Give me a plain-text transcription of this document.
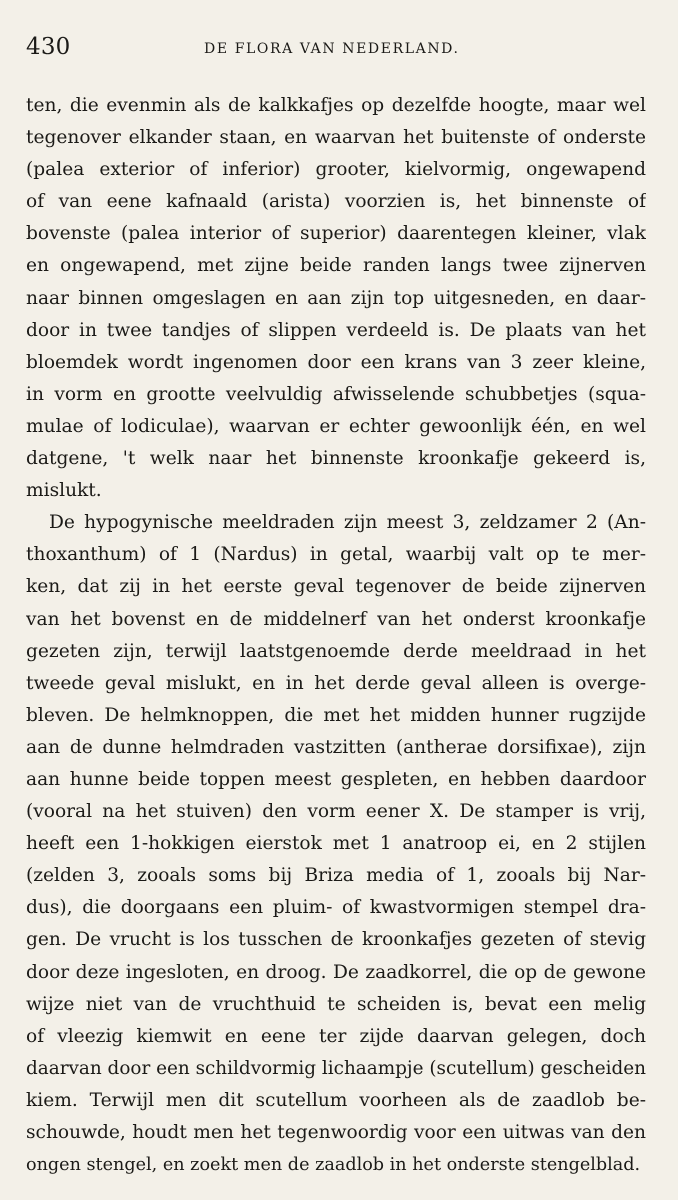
430	DE FLORA VAN NEDERLAND.
ten, die evenmin als de kalkkafjes op dezelfde hoogte, maar wel
tegenover elkander staan, en waarvan het buitenste of onderste
(palea exterior of inferior) grooter, kielvormig, ongewapend
of van eene kafnaald (arista) voorzien is, het binnenste of
bovenste (palea interior of superior) daarentegen kleiner, vlak
en ongewapend, met zijne beide randen langs twee zijnerven
naar binnen omgeslagen en aan zijn top uitgesneden, en daar-
door in twee tandjes of slippen verdeeld is. De plaats van het
bloemdek wordt ingenomen door een krans van 3 zeer kleine,
in vorm en grootte veelvuldig afwisselende schubbetjes (squa-
mulae of lodiculae), waarvan er echter gewoonlijk één, en wel
datgene, 't welk naar het binnenste kroonkafje gekeerd is,
mislukt.
De hypogynische meeldraden zijn meest 3, zeldzamer 2 (An-
thoxanthum) of 1 (Nardus) in getal, waarbij valt op te mer-
ken, dat zij in het eerste geval tegenover de beide zijnerven
van het bovenst en de middelnerf van het onderst kroonkafje
gezeten zijn, terwijl laatstgenoemde derde meeldraad in het
tweede geval mislukt, en in het derde geval alleen is overge-
bleven. De helmknoppen, die met het midden hunner rugzijde
aan de dunne helmdraden vastzitten (antherae dorsifixae), zijn
aan hunne beide toppen meest gespleten, en hebben daardoor
(vooral na het stuiven) den vorm eener X. De stamper is vrij,
heeft een 1-hokkigen eierstok met 1 anatroop ei, en 2 stijlen
(zelden 3, zooals soms bij Briza media of 1, zooals bij Nar-
dus), die doorgaans een pluim- of kwastvormigen stempel dra-
gen. De vrucht is los tusschen de kroonkafjes gezeten of stevig
door deze ingesloten, en droog. De zaadkorrel, die op de gewone
wijze niet van de vruchthuid te scheiden is, bevat een melig
of vleezig kiemwit en eene ter zijde daarvan gelegen, doch
daarvan door een schildvormig lichaampje (scutellum) gescheiden
kiem. Terwijl men dit scutellum voorheen als de zaadlob be-
schouwde, houdt men het tegenwoordig voor een uitwas van den
ongen stengel, en zoekt men de zaadlob in het onderste stengelblad.
